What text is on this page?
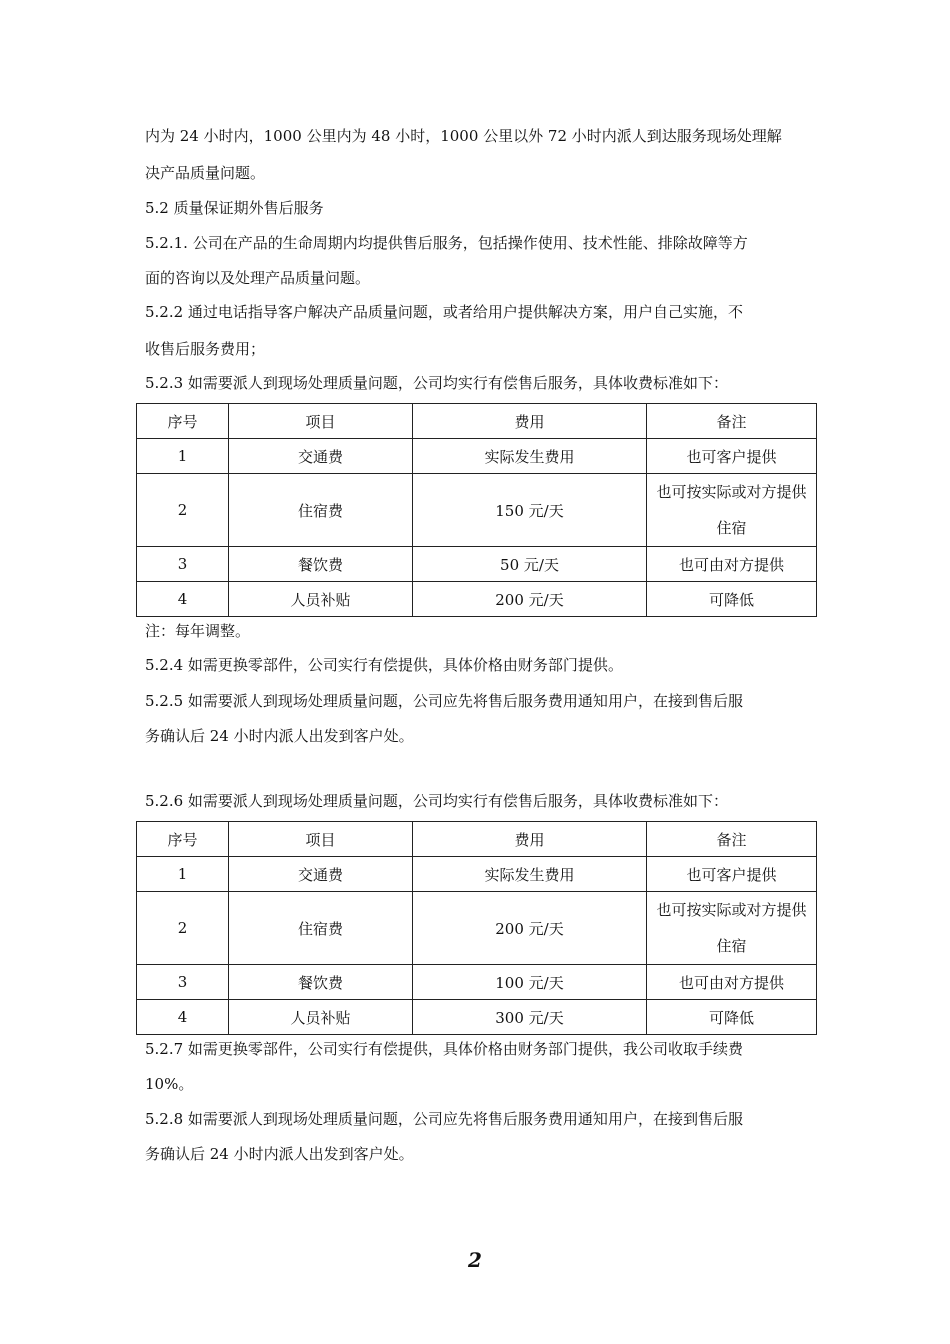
内为 24 小时内，1000 公里内为 48 小时，1000 公里以外 72 小时内派人到达服务现场处理解
决产品质量问题。
5.2 质量保证期外售后服务
5.2.1. 公司在产品的生命周期内均提供售后服务，包括操作使用、技术性能、排除故障等方
面的咨询以及处理产品质量问题。
5.2.2 通过电话指导客户解决产品质量问题，或者给用户提供解决方案，用户自己实施，不
收售后服务费用；
5.2.3 如需要派人到现场处理质量问题，公司均实行有偿售后服务，具体收费标准如下：
序号	项目	费用	备注
1	交通费	实际发生费用	也可客户提供
2	住宿费	150 元/天	也可按实际或对方提供住宿
3	餐饮费	50 元/天	也可由对方提供
4	人员补贴	200 元/天	可降低
注：每年调整。
5.2.4 如需更换零部件，公司实行有偿提供，具体价格由财务部门提供。
5.2.5 如需要派人到现场处理质量问题，公司应先将售后服务费用通知用户，在接到售后服
务确认后 24 小时内派人出发到客户处。
5.2.6 如需要派人到现场处理质量问题，公司均实行有偿售后服务，具体收费标准如下：
序号	项目	费用	备注
1	交通费	实际发生费用	也可客户提供
2	住宿费	200 元/天	也可按实际或对方提供住宿
3	餐饮费	100 元/天	也可由对方提供
4	人员补贴	300 元/天	可降低
5.2.7 如需更换零部件，公司实行有偿提供，具体价格由财务部门提供，我公司收取手续费
10%。
5.2.8 如需要派人到现场处理质量问题，公司应先将售后服务费用通知用户，在接到售后服
务确认后 24 小时内派人出发到客户处。
2
